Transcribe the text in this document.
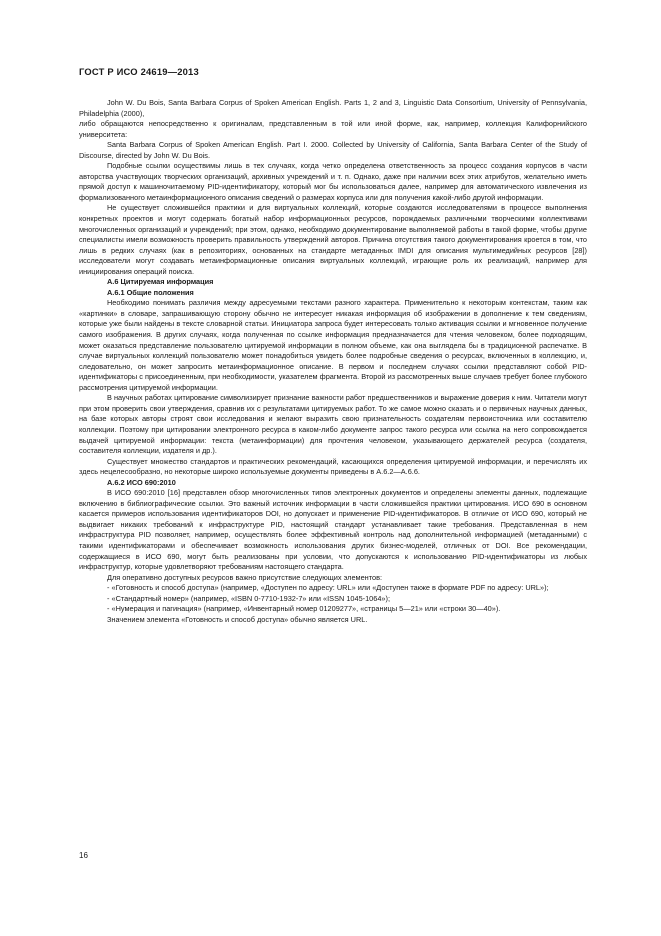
ГОСТ Р ИСО 24619—2013

John W. Du Bois, Santa Barbara Corpus of Spoken American English. Parts 1, 2 and 3, Linguistic Data Consortium, University of Pennsylvania, Philadelphia (2000),

либо обращаются непосредственно к оригиналам, представленным в той или иной форме, как, например, коллекция Калифорнийского университета:

Santa Barbara Corpus of Spoken American English. Part I. 2000. Collected by University of California, Santa Barbara Center of the Study of Discourse, directed by John W. Du Bois.

Подобные ссылки осуществимы лишь в тех случаях, когда четко определена ответственность за процесс создания корпусов в части авторства участвующих творческих организаций, архивных учреждений и т. п. Однако, даже при наличии всех этих атрибутов, желательно иметь прямой доступ к машиночитаемому PID-идентификатору, который мог бы использоваться далее, например для автоматического извлечения из формализованного метаинформационного описания сведений о размерах корпуса или для получения какой-либо другой информации.

Не существует сложившейся практики и для виртуальных коллекций, которые создаются исследователями в процессе выполнения конкретных проектов и могут содержать богатый набор информационных ресурсов, порождаемых различными творческими коллективами многочисленных организаций и учреждений; при этом, однако, необходимо документирование выполняемой работы в такой форме, чтобы другие специалисты имели возможность проверить правильность утверждений авторов. Причина отсутствия такого документирования кроется в том, что лишь в редких случаях (как в репозиториях, основанных на стандарте метаданных IMDI для описания мультимедийных ресурсов [28]) исследователи могут создавать метаинформационные описания виртуальных коллекций, играющие роль их реализаций, например для инициирования операций поиска.

А.6 Цитируемая информация

А.6.1 Общие положения

Необходимо понимать различия между адресуемыми текстами разного характера. Применительно к некоторым контекстам, таким как «картинки» в словаре, запрашивающую сторону обычно не интересует никакая информация об изображении в дополнение к тем сведениям, которые уже были найдены в тексте словарной статьи. Инициатора запроса будет интересовать только активация ссылки и мгновенное получение самого изображения. В других случаях, когда полученная по ссылке информация предназначается для чтения человеком, более подходящим, может оказаться представление пользователю цитируемой информации в полном объеме, как она выглядела бы в традиционной распечатке. В случае виртуальных коллекций пользователю может понадобиться увидеть более подробные сведения о ресурсах, включенных в коллекцию, и, следовательно, он может запросить метаинформационное описание. В первом и последнем случаях ссылки представляют собой PID-идентификаторы с присоединенным, при необходимости, указателем фрагмента. Второй из рассмотренных выше случаев требует более глубокого рассмотрения цитируемой информации.

В научных работах цитирование символизирует признание важности работ предшественников и выражение доверия к ним. Читатели могут при этом проверить свои утверждения, сравнив их с результатами цитируемых работ. То же самое можно сказать и о первичных научных данных, на базе которых авторы строят свои исследования и желают выразить свою признательность создателям первоисточника или составителю коллекции. Поэтому при цитировании электронного ресурса в каком-либо документе запрос такого ресурса или ссылка на него сопровождается выдачей цитируемой информации: текста (метаинформации) для прочтения человеком, указывающего держателей ресурса (создателя, составителя коллекции, издателя и др.).

Существует множество стандартов и практических рекомендаций, касающихся определения цитируемой информации, и перечислять их здесь нецелесообразно, но некоторые широко используемые документы приведены в А.6.2—А.6.6.

А.6.2 ИСО 690:2010

В ИСО 690:2010 [16] представлен обзор многочисленных типов электронных документов и определены элементы данных, подлежащие включению в библиографические ссылки. Это важный источник информации в части сложившейся практики цитирования. ИСО 690 в основном касается примеров использования идентификаторов DOI, но допускает и применение PID-идентификаторов. В отличие от ИСО 690, который не выдвигает никаких требований к инфраструктуре PID, настоящий стандарт устанавливает такие требования. Представленная в нем инфраструктура PID позволяет, например, осуществлять более эффективный контроль над дополнительной информацией (метаданными) с такими идентификаторами и обеспечивает возможность использования других бизнес-моделей, отличных от DOI. Все рекомендации, содержащиеся в ИСО 690, могут быть реализованы при условии, что допускаются к использованию PID-идентификаторы из любых инфраструктур, которые удовлетворяют требованиям настоящего стандарта.

Для оперативно доступных ресурсов важно присутствие следующих элементов:

- «Готовность и способ доступа» (например, «Доступен по адресу: URL» или «Доступен также в формате PDF по адресу: URL»);

- «Стандартный номер» (например, «ISBN 0-7710-1932-7» или «ISSN 1045-1064»);

- «Нумерация и пагинация» (например, «Инвентарный номер 01209277», «страницы 5—21» или «строки 30—40»).

Значением элемента «Готовность и способ доступа» обычно является URL.

16
